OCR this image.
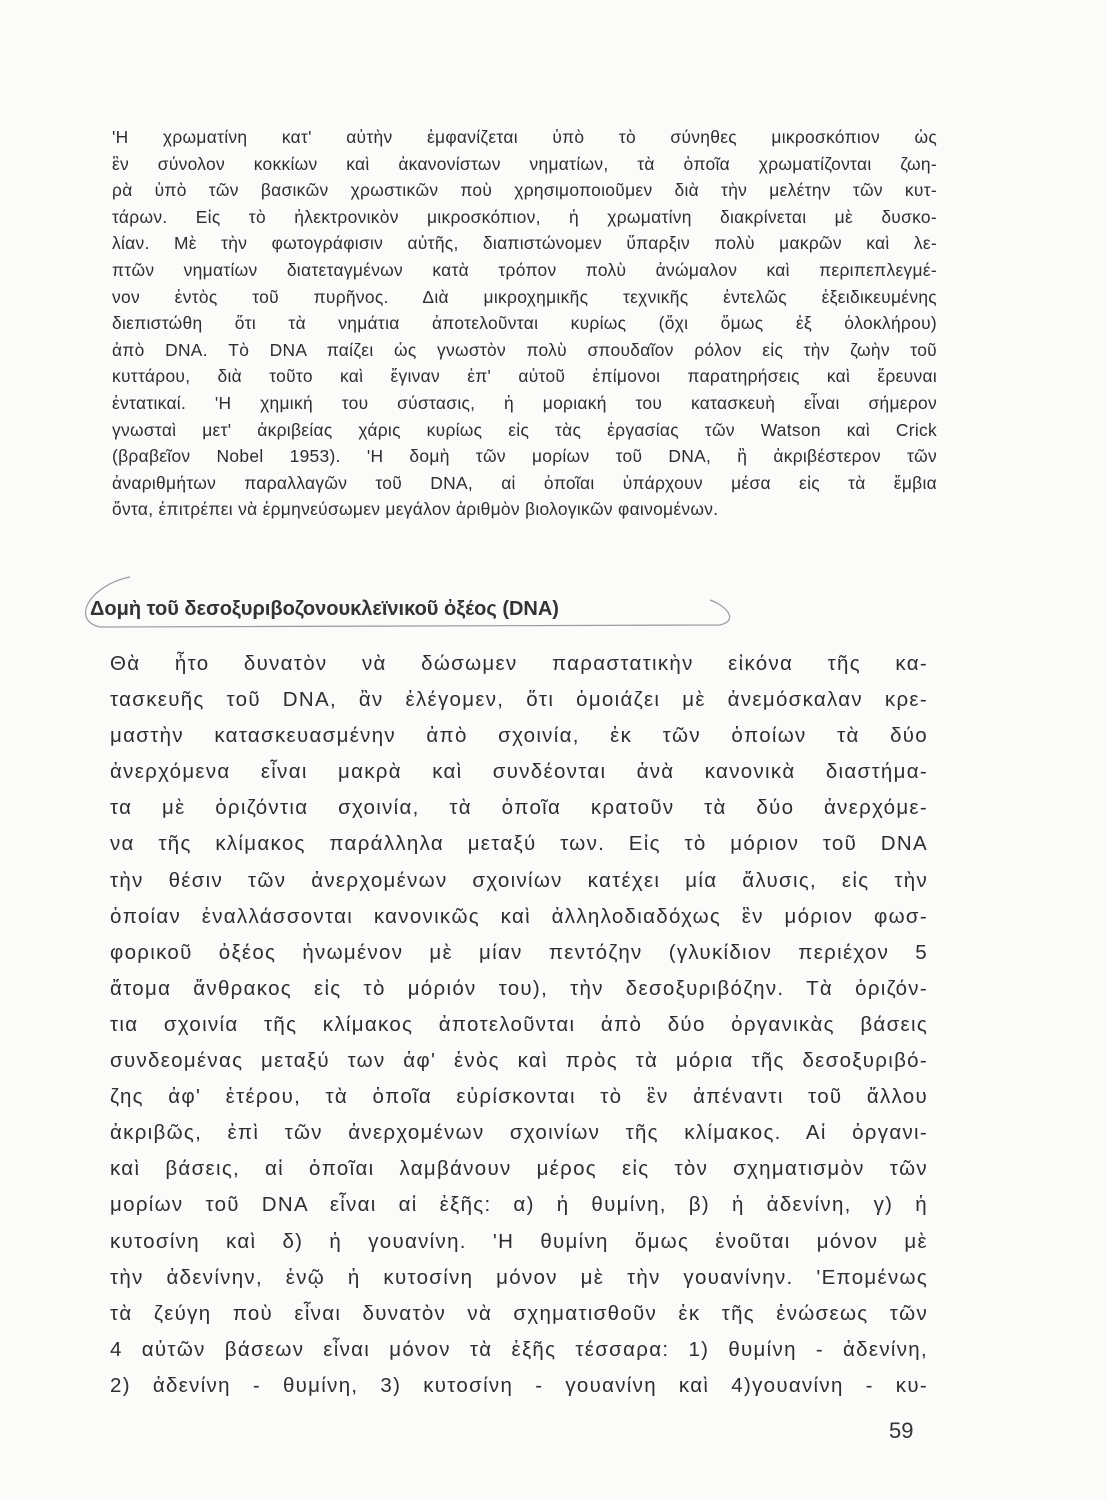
'Η χρωματίνη κατ' αὐτὴν ἐμφανίζεται ὑπὸ τὸ σύνηθες μικροσκόπιον ὡς
ἓν σύνολον κοκκίων καὶ ἀκανονίστων νηματίων, τὰ ὁποῖα χρωματίζονται ζωη-
ρὰ ὑπὸ τῶν βασικῶν χρωστικῶν ποὺ χρησιμοποιοῦμεν διὰ τὴν μελέτην τῶν κυτ-
τάρων. Εἰς τὸ ἠλεκτρονικὸν μικροσκόπιον, ἡ χρωματίνη διακρίνεται μὲ δυσκο-
λίαν. Μὲ τὴν φωτογράφισιν αὐτῆς, διαπιστώνομεν ὕπαρξιν πολὺ μακρῶν καὶ λε-
πτῶν νηματίων διατεταγμένων κατὰ τρόπον πολὺ ἀνώμαλον καὶ περιπεπλεγμέ-
νον ἐντὸς τοῦ πυρῆνος. Διὰ μικροχημικῆς τεχνικῆς ἐντελῶς ἐξειδικευμένης
διεπιστώθη ὅτι τὰ νημάτια ἀποτελοῦνται κυρίως (ὄχι ὅμως ἐξ ὁλοκλήρου)
ἀπὸ DNA. Τὸ DNA παίζει ὡς γνωστὸν πολὺ σπουδαῖον ρόλον εἰς τὴν ζωὴν τοῦ
κυττάρου, διὰ τοῦτο καὶ ἔγιναν ἐπ' αὐτοῦ ἐπίμονοι παρατηρήσεις καὶ ἔρευναι
ἐντατικαί. 'Η χημική του σύστασις, ἡ μοριακή του κατασκευὴ εἶναι σήμερον
γνωσταὶ μετ' ἀκριβείας χάρις κυρίως εἰς τὰς ἐργασίας τῶν Watson καὶ Crick
(βραβεῖον Nobel 1953). 'Η δομὴ τῶν μορίων τοῦ DNA, ἢ ἀκριβέστερον τῶν
ἀναριθμήτων παραλλαγῶν τοῦ DNA, αἱ ὁποῖαι ὑπάρχουν μέσα εἰς τὰ ἔμβια
ὄντα, ἐπιτρέπει νὰ ἑρμηνεύσωμεν μεγάλον ἀριθμὸν βιολογικῶν φαινομένων.
Δομὴ τοῦ δεσοξυριβοζονουκλεϊνικοῦ ὀξέος (DNA)
Θὰ ἦτο δυνατὸν νὰ δώσωμεν παραστατικὴν εἰκόνα τῆς κα-
τασκευῆς τοῦ DNA, ἂν ἐλέγομεν, ὅτι ὁμοιάζει μὲ ἀνεμόσκαλαν κρε-
μαστὴν κατασκευασμένην ἀπὸ σχοινία, ἐκ τῶν ὁποίων τὰ δύο
ἀνερχόμενα εἶναι μακρὰ καὶ συνδέονται ἀνὰ κανονικὰ διαστήμα-
τα μὲ ὁριζόντια σχοινία, τὰ ὁποῖα κρατοῦν τὰ δύο ἀνερχόμε-
να τῆς κλίμακος παράλληλα μεταξύ των. Εἰς τὸ μόριον τοῦ DNA
τὴν θέσιν τῶν ἀνερχομένων σχοινίων κατέχει μία ἄλυσις, εἰς τὴν
ὁποίαν ἐναλλάσσονται κανονικῶς καὶ ἀλληλοδιαδόχως ἓν μόριον φωσ-
φορικοῦ ὀξέος ἡνωμένον μὲ μίαν πεντόζην (γλυκίδιον περιέχον 5
ἄτομα ἄνθρακος εἰς τὸ μόριόν του), τὴν δεσοξυριβόζην. Τὰ ὁριζόν-
τια σχοινία τῆς κλίμακος ἀποτελοῦνται ἀπὸ δύο ὀργανικὰς βάσεις
συνδεομένας μεταξύ των ἀφ' ἑνὸς καὶ πρὸς τὰ μόρια τῆς δεσοξυριβό-
ζης ἀφ' ἑτέρου, τὰ ὁποῖα εὑρίσκονται τὸ ἓν ἀπέναντι τοῦ ἄλλου
ἀκριβῶς, ἐπὶ τῶν ἀνερχομένων σχοινίων τῆς κλίμακος. Αἱ ὀργανι-
καὶ βάσεις, αἱ ὁποῖαι λαμβάνουν μέρος εἰς τὸν σχηματισμὸν τῶν
μορίων τοῦ DNA εἶναι αἱ ἑξῆς: α) ἡ θυμίνη, β) ἡ ἀδενίνη, γ) ἡ
κυτοσίνη καὶ δ) ἡ γουανίνη. 'Η θυμίνη ὅμως ἑνοῦται μόνον μὲ
τὴν ἀδενίνην, ἐνῷ ἡ κυτοσίνη μόνον μὲ τὴν γουανίνην. 'Επομένως
τὰ ζεύγη ποὺ εἶναι δυνατὸν νὰ σχηματισθοῦν ἐκ τῆς ἑνώσεως τῶν
4 αὐτῶν βάσεων εἶναι μόνον τὰ ἑξῆς τέσσαρα: 1) θυμίνη - ἀδενίνη,
2) ἀδενίνη - θυμίνη, 3) κυτοσίνη - γουανίνη καὶ 4)γουανίνη - κυ-
59
